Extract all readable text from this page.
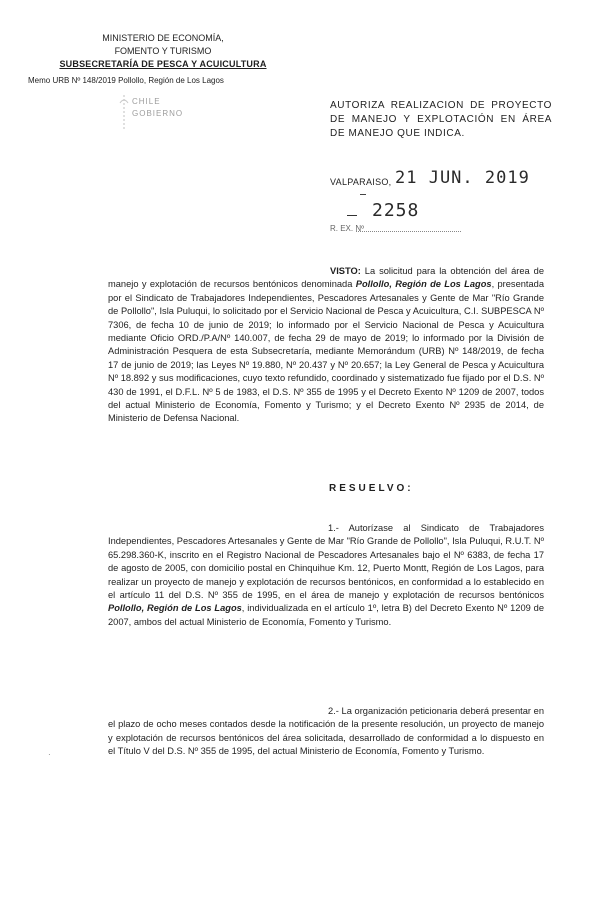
MINISTERIO DE ECONOMÍA,
FOMENTO Y TURISMO
SUBSECRETARÍA DE PESCA Y ACUICULTURA
Memo URB Nº 148/2019 Pollollo, Región de Los Lagos
CHILE
GOBIERNO
AUTORIZA REALIZACION DE PROYECTO DE MANEJO Y EXPLOTACIÓN EN ÁREA DE MANEJO QUE INDICA.
VALPARAISO, 21 JUN. 2019
2258
R. EX. Nº
VISTO: La solicitud para la obtención del área de manejo y explotación de recursos bentónicos denominada Pollollo, Región de Los Lagos, presentada por el Sindicato de Trabajadores Independientes, Pescadores Artesanales y Gente de Mar "Río Grande de Pollollo", Isla Puluqui, lo solicitado por el Servicio Nacional de Pesca y Acuicultura, C.I. SUBPESCA Nº 7306, de fecha 10 de junio de 2019; lo informado por el Servicio Nacional de Pesca y Acuicultura mediante Oficio ORD./P.A/Nº 140.007, de fecha 29 de mayo de 2019; lo informado por la División de Administración Pesquera de esta Subsecretaría, mediante Memorándum (URB) Nº 148/2019, de fecha 17 de junio de 2019; las Leyes Nº 19.880, Nº 20.437 y Nº 20.657; la Ley General de Pesca y Acuicultura Nº 18.892 y sus modificaciones, cuyo texto refundido, coordinado y sistematizado fue fijado por el D.S. Nº 430 de 1991, el D.F.L. Nº 5 de 1983, el D.S. Nº 355 de 1995 y el Decreto Exento Nº 1209 de 2007, todos del actual Ministerio de Economía, Fomento y Turismo; y el Decreto Exento Nº 2935 de 2014, de Ministerio de Defensa Nacional.
RESUELVO:
1.- Autorízase al Sindicato de Trabajadores Independientes, Pescadores Artesanales y Gente de Mar "Río Grande de Pollollo", Isla Puluqui, R.U.T. Nº 65.298.360-K, inscrito en el Registro Nacional de Pescadores Artesanales bajo el Nº 6383, de fecha 17 de agosto de 2005, con domicilio postal en Chinquihue Km. 12, Puerto Montt, Región de Los Lagos, para realizar un proyecto de manejo y explotación de recursos bentónicos, en conformidad a lo establecido en el artículo 11 del D.S. Nº 355 de 1995, en el área de manejo y explotación de recursos bentónicos Pollollo, Región de Los Lagos, individualizada en el artículo 1º, letra B) del Decreto Exento Nº 1209 de 2007, ambos del actual Ministerio de Economía, Fomento y Turismo.
2.- La organización peticionaria deberá presentar en el plazo de ocho meses contados desde la notificación de la presente resolución, un proyecto de manejo y explotación de recursos bentónicos del área solicitada, desarrollado de conformidad a lo dispuesto en el Título V del D.S. Nº 355 de 1995, del actual Ministerio de Economía, Fomento y Turismo.
·
